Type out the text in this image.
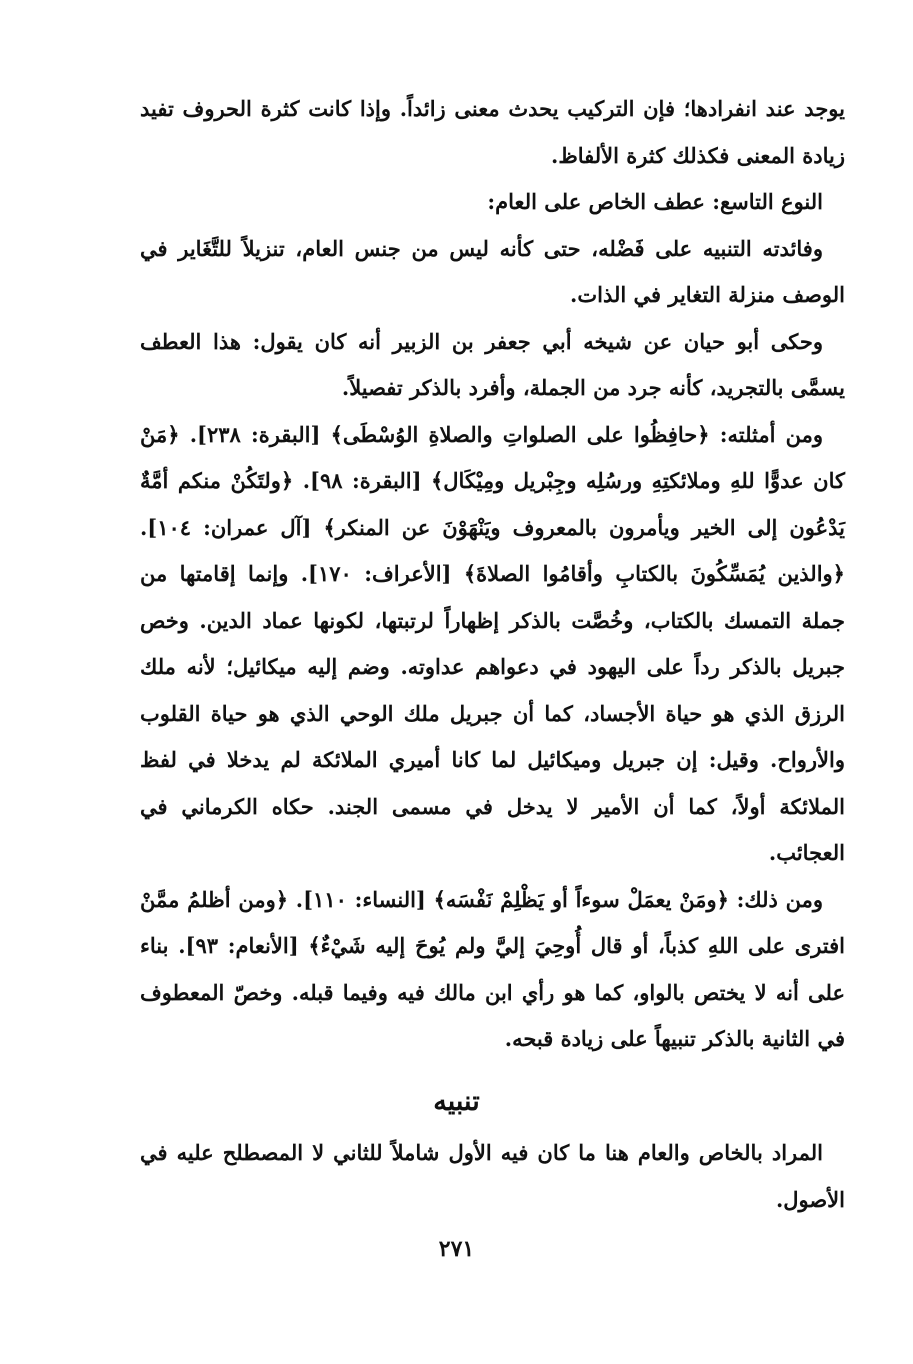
يوجد عند انفرادها؛ فإن التركيب يحدث معنى زائداً. وإذا كانت كثرة الحروف تفيد زيادة المعنى فكذلك كثرة الألفاظ.

النوع التاسع: عطف الخاص على العام:

وفائدته التنبيه على فَضْله، حتى كأنه ليس من جنس العام، تنزيلاً للتَّغَاير في الوصف منزلة التغاير في الذات.

وحكى أبو حيان عن شيخه أبي جعفر بن الزبير أنه كان يقول: هذا العطف يسمَّى بالتجريد، كأنه جرد من الجملة، وأفرد بالذكر تفصيلاً.

ومن أمثلته: ﴿حافِظُوا على الصلواتِ والصلاةِ الوُسْطَى﴾ [البقرة: ٢٣٨]. ﴿مَنْ كان عدوًّا للهِ وملائكتِهِ ورسُلِه وجِبْريل ومِيْكَال﴾ [البقرة: ٩٨]. ﴿ولتَكُنْ منكم أمَّةٌ يَدْعُون إلى الخير ويأمرون بالمعروف ويَنْهَوْنَ عن المنكر﴾ [آل عمران: ١٠٤]. ﴿والذين يُمَسِّكُونَ بالكتابِ وأقامُوا الصلاةَ﴾ [الأعراف: ١٧٠]. وإنما إقامتها من جملة التمسك بالكتاب، وخُصَّت بالذكر إظهاراً لرتبتها، لكونها عماد الدين. وخص جبريل بالذكر رداً على اليهود في دعواهم عداوته. وضم إليه ميكائيل؛ لأنه ملك الرزق الذي هو حياة الأجساد، كما أن جبريل ملك الوحي الذي هو حياة القلوب والأرواح. وقيل: إن جبريل وميكائيل لما كانا أميري الملائكة لم يدخلا في لفظ الملائكة أولاً، كما أن الأمير لا يدخل في مسمى الجند. حكاه الكرماني في العجائب.

ومن ذلك: ﴿ومَنْ يعمَلْ سوءاً أو يَظْلِمْ نَفْسَه﴾ [النساء: ١١٠]. ﴿ومن أظلمُ ممَّنْ افترى على اللهِ كذباً، أو قال أُوحِيَ إليَّ ولم يُوحَ إليه شَيْءٌ﴾ [الأنعام: ٩٣]. بناء على أنه لا يختص بالواو، كما هو رأي ابن مالك فيه وفيما قبله. وخصّ المعطوف في الثانية بالذكر تنبيهاً على زيادة قبحه.

تنبيه

المراد بالخاص والعام هنا ما كان فيه الأول شاملاً للثاني لا المصطلح عليه في الأصول.

٢٧١
